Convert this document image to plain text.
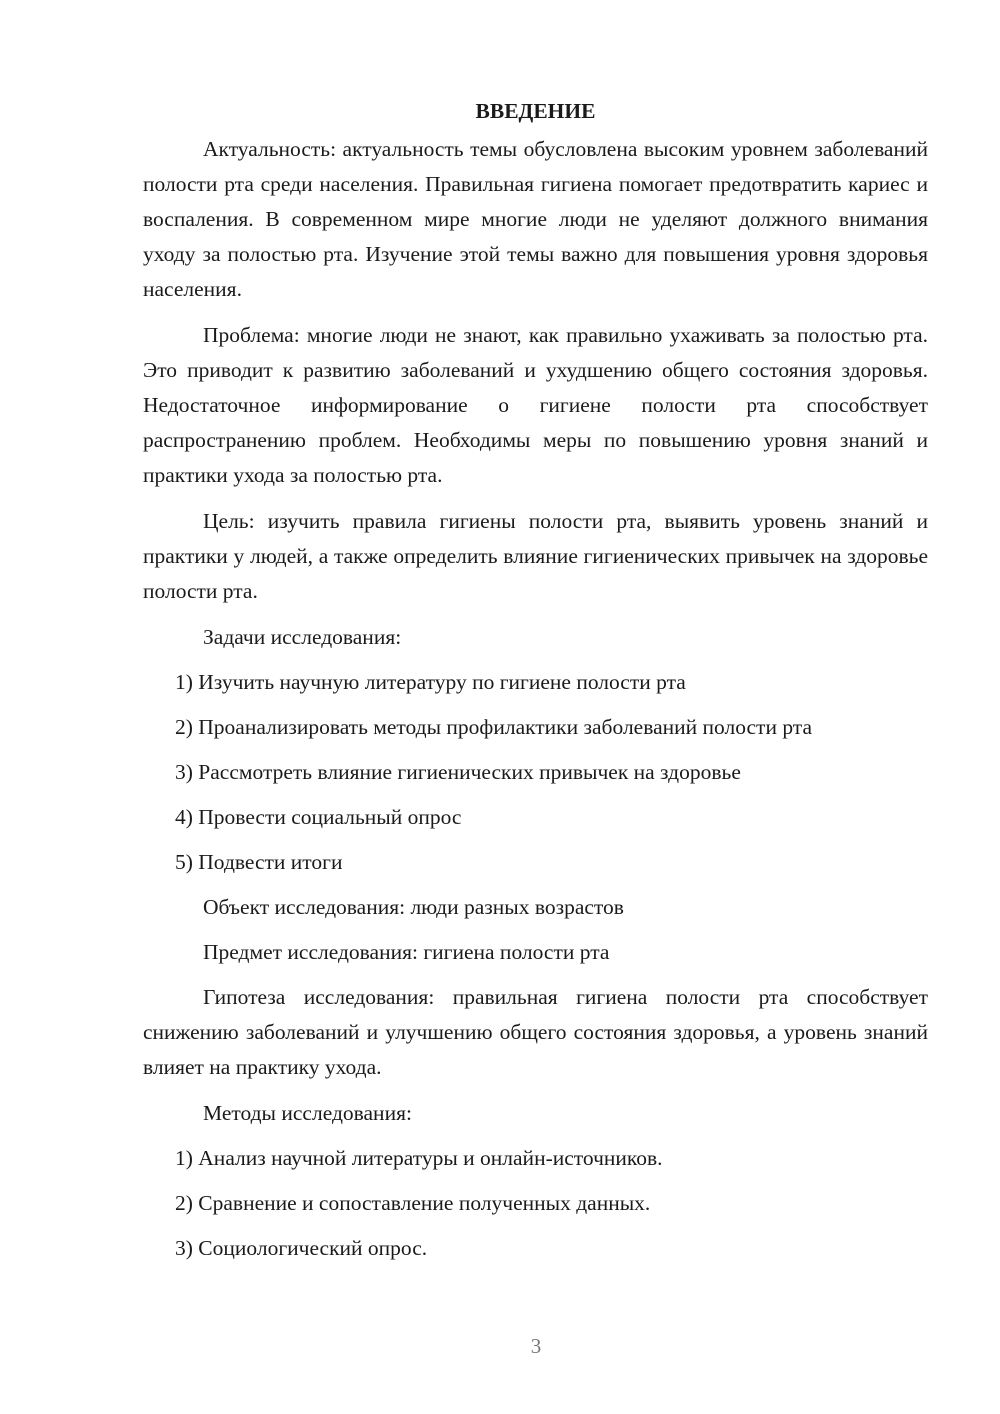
ВВЕДЕНИЕ

Актуальность: актуальность темы обусловлена высоким уровнем заболеваний полости рта среди населения. Правильная гигиена помогает предотвратить кариес и воспаления. В современном мире многие люди не уделяют должного внимания уходу за полостью рта. Изучение этой темы важно для повышения уровня здоровья населения.

Проблема: многие люди не знают, как правильно ухаживать за полостью рта. Это приводит к развитию заболеваний и ухудшению общего состояния здоровья. Недостаточное информирование о гигиене полости рта способствует распространению проблем. Необходимы меры по повышению уровня знаний и практики ухода за полостью рта.

Цель: изучить правила гигиены полости рта, выявить уровень знаний и практики у людей, а также определить влияние гигиенических привычек на здоровье полости рта.

Задачи исследования:
1) Изучить научную литературу по гигиене полости рта
2) Проанализировать методы профилактики заболеваний полости рта
3) Рассмотреть влияние гигиенических привычек на здоровье
4) Провести социальный опрос
5) Подвести итоги
Объект исследования: люди разных возрастов
Предмет исследования: гигиена полости рта

Гипотеза исследования: правильная гигиена полости рта способствует снижению заболеваний и улучшению общего состояния здоровья, а уровень знаний влияет на практику ухода.

Методы исследования:
1) Анализ научной литературы и онлайн-источников.
2) Сравнение и сопоставление полученных данных.
3) Социологический опрос.
3
